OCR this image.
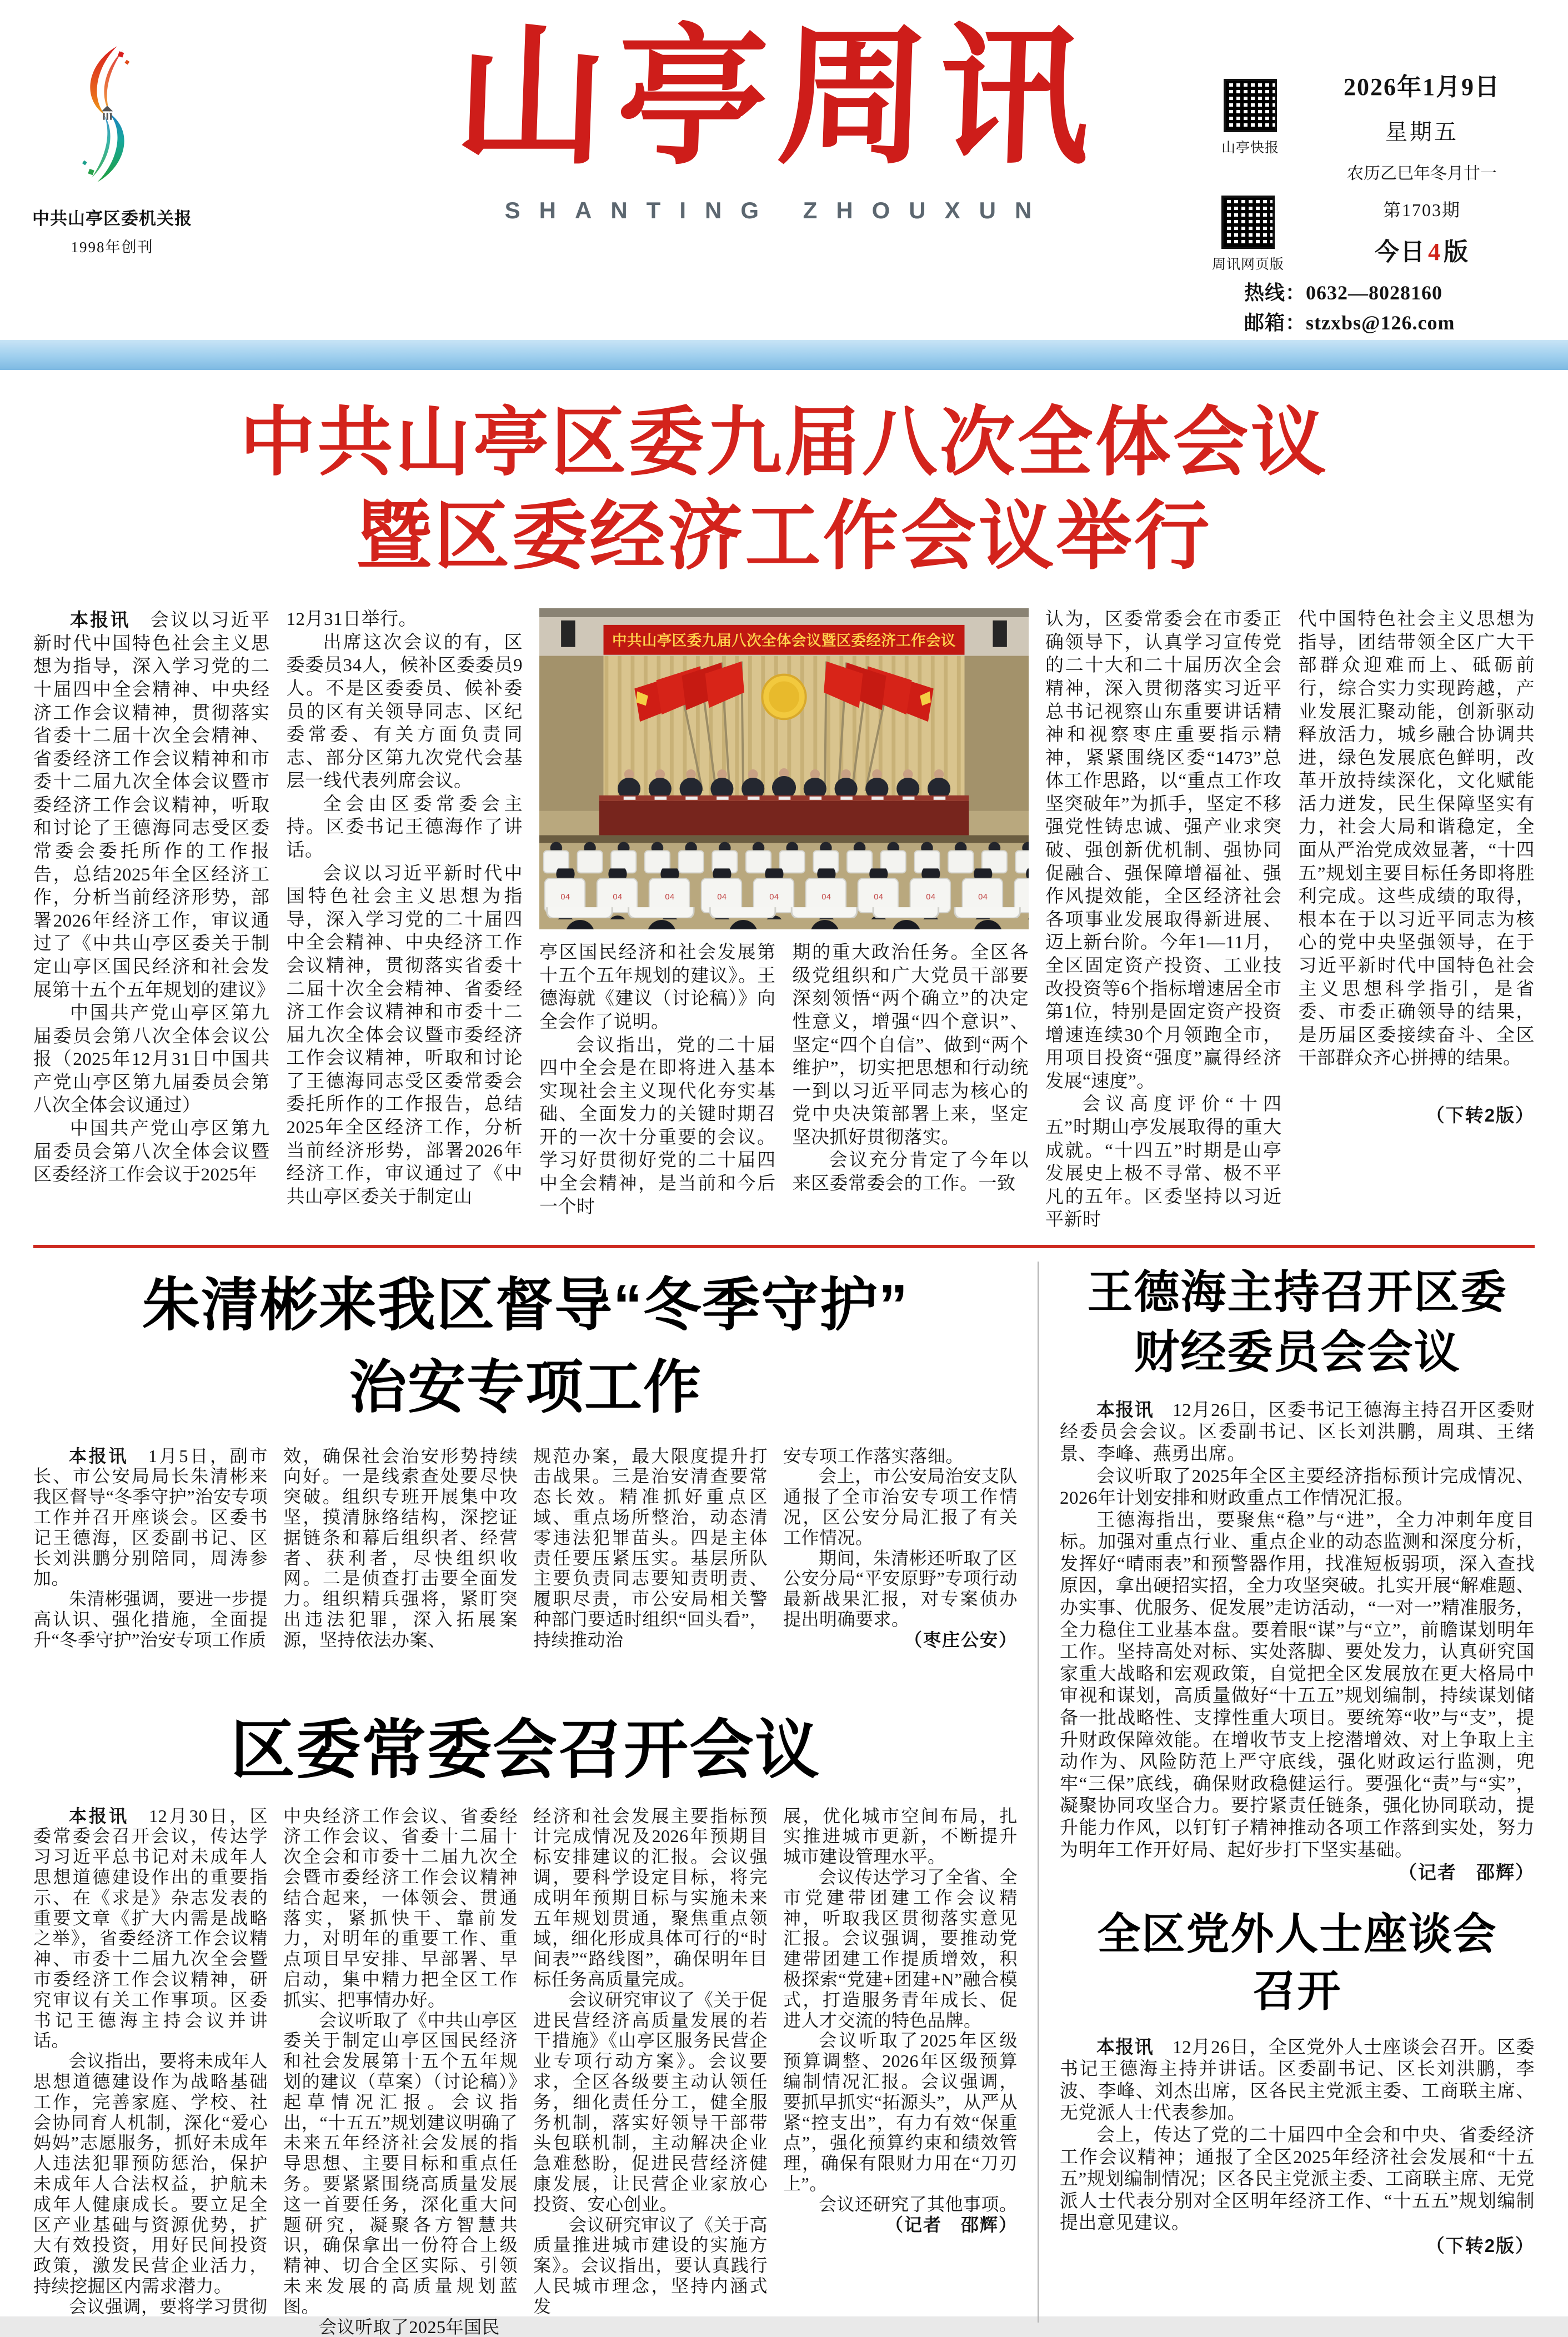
中共山亭区委机关报
1998年创刊
山亭周讯
SHANTING ZHOUXUN
山亭快报
周讯网页版
2026年1月9日
星期五
农历乙巳年冬月廿一
第1703期
今日4版
热线：0632—8028160
邮箱：stzxbs@126.com
中共山亭区委九届八次全体会议
暨区委经济工作会议举行

本报讯　会议以习近平新时代中国特色社会主义思想为指导，深入学习党的二十届四中全会精神、中央经济工作会议精神，贯彻落实省委十二届十次全会精神、省委经济工作会议精神和市委十二届九次全体会议暨市委经济工作会议精神，听取和讨论了王德海同志受区委常委会委托所作的工作报告，总结2025年全区经济工作，分析当前经济形势，部署2026年经济工作，审议通过了《中共山亭区委关于制定山亭区国民经济和社会发展第十五个五年规划的建议》

中国共产党山亭区第九届委员会第八次全体会议公报（2025年12月31日中国共产党山亭区第九届委员会第八次全体会议通过）

中国共产党山亭区第九届委员会第八次全体会议暨区委经济工作会议于2025年

12月31日举行。

出席这次会议的有，区委委员34人，候补区委委员9人。不是区委委员、候补委员的区有关领导同志、区纪委常委、有关方面负责同志、部分区第九次党代会基层一线代表列席会议。

全会由区委常委会主持。区委书记王德海作了讲话。

会议以习近平新时代中国特色社会主义思想为指导，深入学习党的二十届四中全会精神、中央经济工作会议精神，贯彻落实省委十二届十次全会精神、省委经济工作会议精神和市委十二届九次全体会议暨市委经济工作会议精神，听取和讨论了王德海同志受区委常委会委托所作的工作报告，总结2025年全区经济工作，分析当前经济形势，部署2026年经济工作，审议通过了《中共山亭区委关于制定山

中共山亭区委九届八次全体会议暨区委经济工作会议

亭区国民经济和社会发展第十五个五年规划的建议》。王德海就《建议（讨论稿）》向全会作了说明。

会议指出，党的二十届四中全会是在即将进入基本实现社会主义现代化夯实基础、全面发力的关键时期召开的一次十分重要的会议。学习好贯彻好党的二十届四中全会精神，是当前和今后一个时

期的重大政治任务。全区各级党组织和广大党员干部要深刻领悟“两个确立”的决定性意义，增强“四个意识”、坚定“四个自信”、做到“两个维护”，切实把思想和行动统一到以习近平同志为核心的党中央决策部署上来，坚定坚决抓好贯彻落实。

会议充分肯定了今年以来区委常委会的工作。一致

认为，区委常委会在市委正确领导下，认真学习宣传党的二十大和二十届历次全会精神，深入贯彻落实习近平总书记视察山东重要讲话精神和视察枣庄重要指示精神，紧紧围绕区委“1473”总体工作思路，以“重点工作攻坚突破年”为抓手，坚定不移强党性铸忠诚、强产业求突破、强创新优机制、强协同促融合、强保障增福祉、强作风提效能，全区经济社会各项事业发展取得新进展、迈上新台阶。今年1—11月，全区固定资产投资、工业技改投资等6个指标增速居全市第1位，特别是固定资产投资增速连续30个月领跑全市，用项目投资“强度”赢得经济发展“速度”。

会议高度评价“十四五”时期山亭发展取得的重大成就。“十四五”时期是山亭发展史上极不寻常、极不平凡的五年。区委坚持以习近平新时

代中国特色社会主义思想为指导，团结带领全区广大干部群众迎难而上、砥砺前行，综合实力实现跨越，产业发展汇聚动能，创新驱动释放活力，城乡融合协调共进，绿色发展底色鲜明，改革开放持续深化，文化赋能活力迸发，民生保障坚实有力，社会大局和谐稳定，全面从严治党成效显著，“十四五”规划主要目标任务即将胜利完成。这些成绩的取得，根本在于以习近平同志为核心的党中央坚强领导，在于习近平新时代中国特色社会主义思想科学指引，是省委、市委正确领导的结果，是历届区委接续奋斗、全区干部群众齐心拼搏的结果。

（下转2版）

朱清彬来我区督导“冬季守护”
治安专项工作

本报讯　1月5日，副市长、市公安局局长朱清彬来我区督导“冬季守护”治安专项工作并召开座谈会。区委书记王德海，区委副书记、区长刘洪鹏分别陪同，周涛参加。

朱清彬强调，要进一步提高认识、强化措施，全面提升“冬季守护”治安专项工作质

效，确保社会治安形势持续向好。一是线索查处要尽快突破。组织专班开展集中攻坚，摸清脉络结构，深挖证据链条和幕后组织者、经营者、获利者，尽快组织收网。二是侦查打击要全面发力。组织精兵强将，紧盯突出违法犯罪，深入拓展案源，坚持依法办案、

规范办案，最大限度提升打击战果。三是治安清查要常态长效。精准抓好重点区域、重点场所整治，动态清零违法犯罪苗头。四是主体责任要压紧压实。基层所队主要负责同志要知责明责、履职尽责，市公安局相关警种部门要适时组织“回头看”，持续推动治

安专项工作落实落细。

会上，市公安局治安支队通报了全市治安专项工作情况，区公安分局汇报了有关工作情况。

期间，朱清彬还听取了区公安分局“平安原野”专项行动最新战果汇报，对专案侦办提出明确要求。

（枣庄公安）

区委常委会召开会议

本报讯　12月30日，区委常委会召开会议，传达学习习近平总书记对未成年人思想道德建设作出的重要指示、在《求是》杂志发表的重要文章《扩大内需是战略之举》，省委经济工作会议精神、市委十二届九次全会暨市委经济工作会议精神，研究审议有关工作事项。区委书记王德海主持会议并讲话。

会议指出，要将未成年人思想道德建设作为战略基础工作，完善家庭、学校、社会协同育人机制，深化“爱心妈妈”志愿服务，抓好未成年人违法犯罪预防惩治，保护未成年人合法权益，护航未成年人健康成长。要立足全区产业基础与资源优势，扩大有效投资，用好民间投资政策，激发民营企业活力，持续挖掘区内需求潜力。

会议强调，要将学习贯彻

中央经济工作会议、省委经济工作会议、省委十二届十次全会和市委十二届九次全会暨市委经济工作会议精神结合起来，一体领会、贯通落实，紧抓快干、靠前发力，对明年的重要工作、重点项目早安排、早部署、早启动，集中精力把全区工作抓实、把事情办好。

会议听取了《中共山亭区委关于制定山亭区国民经济和社会发展第十五个五年规划的建议（草案）（讨论稿）》起草情况汇报。会议指出，“十五五”规划建议明确了未来五年经济社会发展的指导思想、主要目标和重点任务。要紧紧围绕高质量发展这一首要任务，深化重大问题研究，凝聚各方智慧共识，确保拿出一份符合上级精神、切合全区实际、引领未来发展的高质量规划蓝图。

会议听取了2025年国民

经济和社会发展主要指标预计完成情况及2026年预期目标安排建议的汇报。会议强调，要科学设定目标，将完成明年预期目标与实施未来五年规划贯通，聚焦重点领域，细化形成具体可行的“时间表”“路线图”，确保明年目标任务高质量完成。

会议研究审议了《关于促进民营经济高质量发展的若干措施》《山亭区服务民营企业专项行动方案》。会议要求，全区各级要主动认领任务，细化责任分工，健全服务机制，落实好领导干部带头包联机制，主动解决企业急难愁盼，促进民营经济健康发展，让民营企业家放心投资、安心创业。

会议研究审议了《关于高质量推进城市建设的实施方案》。会议指出，要认真践行人民城市理念，坚持内涵式发

展，优化城市空间布局，扎实推进城市更新，不断提升城市建设管理水平。

会议传达学习了全省、全市党建带团建工作会议精神，听取我区贯彻落实意见汇报。会议强调，要推动党建带团建工作提质增效，积极探索“党建+团建+N”融合模式，打造服务青年成长、促进人才交流的特色品牌。

会议听取了2025年区级预算调整、2026年区级预算编制情况汇报。会议强调，要抓早抓实“拓源头”，从严从紧“控支出”，有力有效“保重点”，强化预算约束和绩效管理，确保有限财力用在“刀刃上”。

会议还研究了其他事项。

（记者　邵辉）

王德海主持召开区委
财经委员会会议

本报讯　12月26日，区委书记王德海主持召开区委财经委员会会议。区委副书记、区长刘洪鹏，周琪、王绪景、李峰、燕勇出席。

会议听取了2025年全区主要经济指标预计完成情况、2026年计划安排和财政重点工作情况汇报。

王德海指出，要聚焦“稳”与“进”，全力冲刺年度目标。加强对重点行业、重点企业的动态监测和深度分析，发挥好“晴雨表”和预警器作用，找准短板弱项，深入查找原因，拿出硬招实招，全力攻坚突破。扎实开展“解难题、办实事、优服务、促发展”走访活动，“一对一”精准服务，全力稳住工业基本盘。要着眼“谋”与“立”，前瞻谋划明年工作。坚持高处对标、实处落脚、要处发力，认真研究国家重大战略和宏观政策，自觉把全区发展放在更大格局中审视和谋划，高质量做好“十五五”规划编制，持续谋划储备一批战略性、支撑性重大项目。要统筹“收”与“支”，提升财政保障效能。在增收节支上挖潜增效、对上争取上主动作为、风险防范上严守底线，强化财政运行监测，兜牢“三保”底线，确保财政稳健运行。要强化“责”与“实”，凝聚协同攻坚合力。要拧紧责任链条，强化协同联动，提升能力作风，以钉钉子精神推动各项工作落到实处，努力为明年工作开好局、起好步打下坚实基础。

（记者　邵辉）

全区党外人士座谈会
召开

本报讯　12月26日，全区党外人士座谈会召开。区委书记王德海主持并讲话。区委副书记、区长刘洪鹏，李波、李峰、刘杰出席，区各民主党派主委、工商联主席、无党派人士代表参加。

会上，传达了党的二十届四中全会和中央、省委经济工作会议精神；通报了全区2025年经济社会发展和“十五五”规划编制情况；区各民主党派主委、工商联主席、无党派人士代表分别对全区明年经济工作、“十五五”规划编制提出意见建议。

（下转2版）
